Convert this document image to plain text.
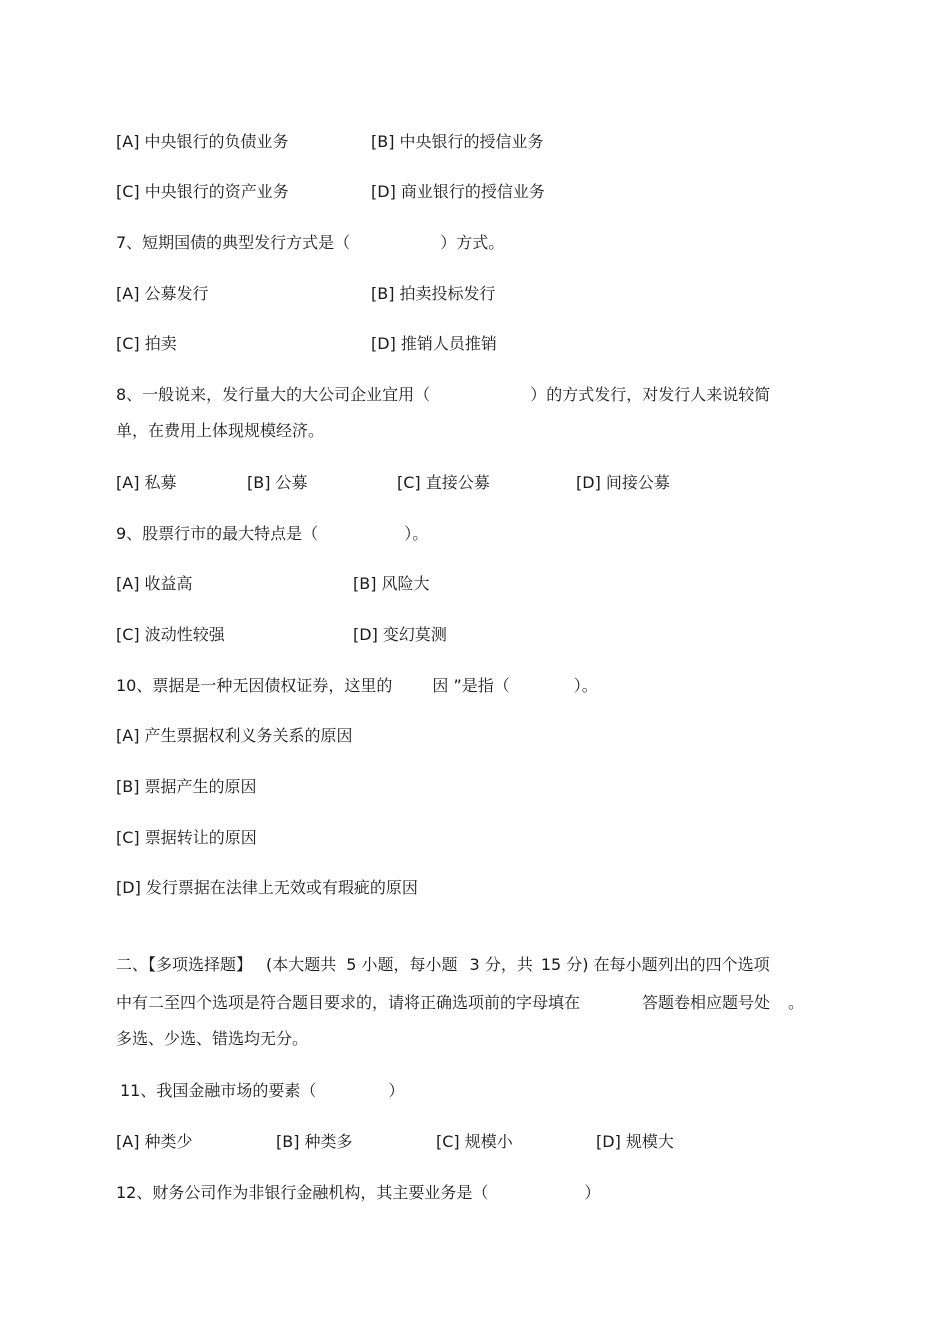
[A] 中央银行的负债业务	[B] 中央银行的授信业务
[C] 中央银行的资产业务	[D] 商业银行的授信业务
7、短期国债的典型发行方式是（	）方式。
[A] 公募发行	[B] 拍卖投标发行
[C] 拍卖	[D] 推销人员推销
8、一般说来，发行量大的大公司企业宜用（	）的方式发行，对发行人来说较简
单，在费用上体现规模经济。
[A] 私募	[B] 公募	[C] 直接公募	[D] 间接公募
9、股票行市的最大特点是（	）。
[A] 收益高	[B] 风险大
[C] 波动性较强	[D] 变幻莫测
10、票据是一种无因债权证券，这里的	因 ”是指（	）。
[A] 产生票据权利义务关系的原因
[B] 票据产生的原因
[C] 票据转让的原因
[D] 发行票据在法律上无效或有瑕疵的原因
二、【多项选择题】 (本大题共 5 小题，每小题 3 分，共 15 分) 在每小题列出的四个选项
中有二至四个选项是符合题目要求的，请将正确选项前的字母填在	答题卷相应题号处 。
多选、少选、错选均无分。
11、我国金融市场的要素（	）
[A] 种类少	[B] 种类多	[C] 规模小	[D] 规模大
12、财务公司作为非银行金融机构，其主要业务是（	）
